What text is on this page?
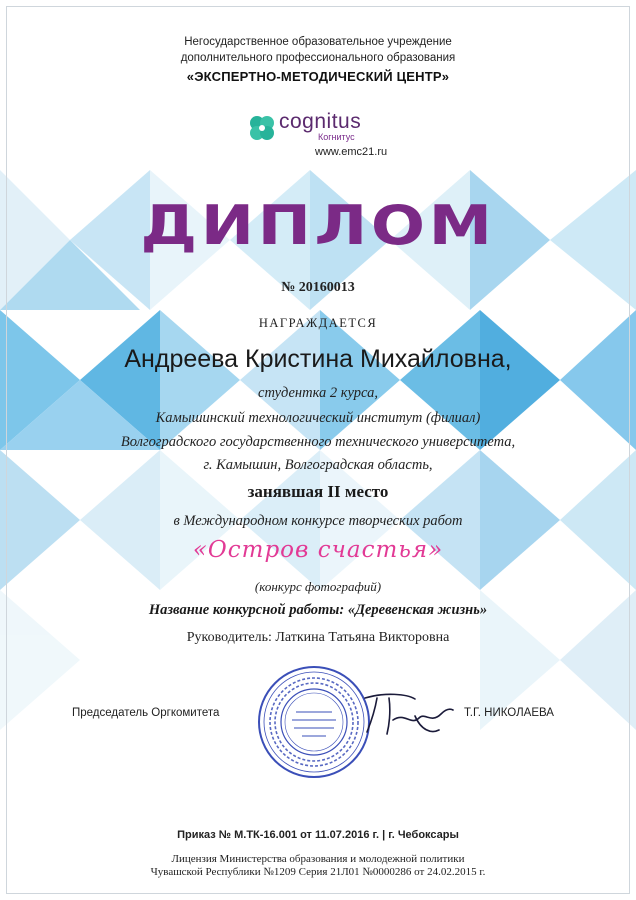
Негосударственное образовательное учреждение
дополнительного профессионального образования
«ЭКСПЕРТНО-МЕТОДИЧЕСКИЙ ЦЕНТР»
cognitus
Когнитус
www.emc21.ru
ДИПЛОМ
№ 20160013
НАГРАЖДАЕТСЯ
Андреева Кристина Михайловна,
студентка 2 курса,
Камышинский технологический институт (филиал)
Волгоградского государственного технического университета,
г. Камышин, Волгоградская область,
занявшая II место
в Международном конкурсе творческих работ
«Остров счастья»
(конкурс фотографий)
Название конкурсной работы: «Деревенская жизнь»
Руководитель: Латкина Татьяна Викторовна
Председатель Оргкомитета	Т.Г. НИКОЛАЕВА
Приказ № М.ТК-16.001 от 11.07.2016 г. | г. Чебоксары
Лицензия Министерства образования и молодежной политики
Чувашской Республики №1209 Серия 21Л01 №0000286 от 24.02.2015 г.
